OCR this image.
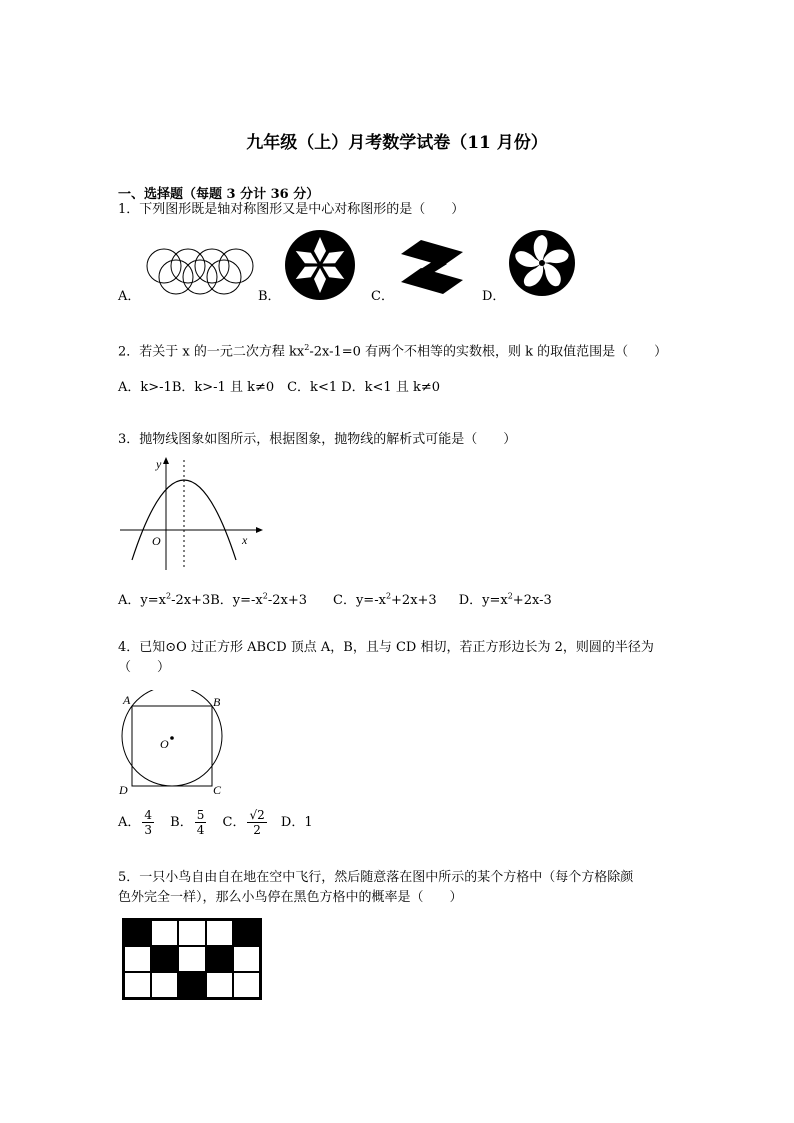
九年级（上）月考数学试卷（11 月份）
一、选择题（每题 3 分计 36 分）
1．下列图形既是轴对称图形又是中心对称图形的是（　　）
A．	B．	C．	D．
2．若关于 x 的一元二次方程 $kx^2-2x-1=0$ 有两个不相等的实数根，则 k 的取值范围是（　　）
A．k>-1B．k>-1 且 k≠0　C．k<1 D．k<1 且 k≠0
3．抛物线图象如图所示，根据图象，抛物线的解析式可能是（　　）
y
x
O
A．$y=x^2-2x+3B$．$y=-x^2-2x+3$ C．$y=-x^2+2x+3$ D．$y=x^2+2x-3$
4．已知⊙O 过正方形 ABCD 顶点 A，B，且与 CD 相切，若正方形边长为 2，则圆的半径为
（　　）
A	B
C
D
O
A． $\frac{4}{3}$ B． $\frac{5}{4}$ C． $\frac{√2}{2}$ D．1
5．一只小鸟自由自在地在空中飞行，然后随意落在图中所示的某个方格中（每个方格除颜
色外完全一样），那么小鸟停在黑色方格中的概率是（　　）
